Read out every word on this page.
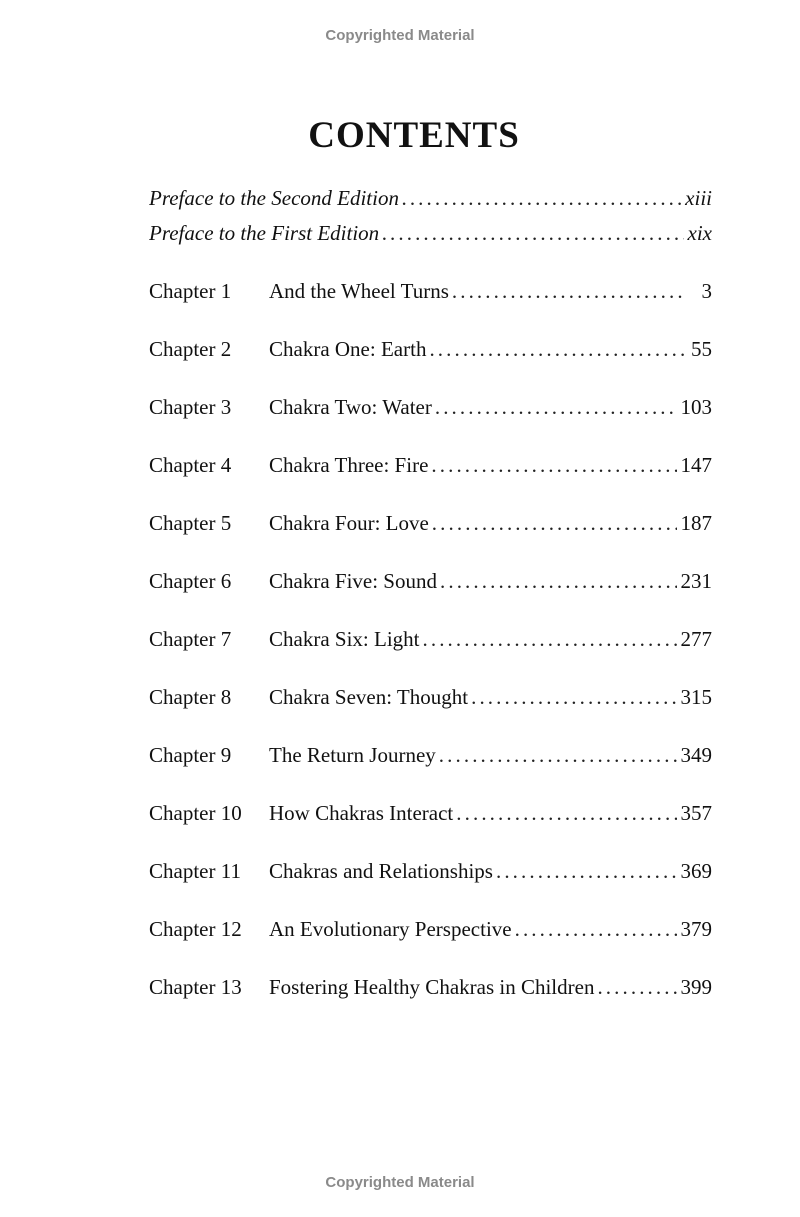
Copyrighted Material
CONTENTS
Preface to the Second Edition .....	xiii
Preface to the First Edition .....	xix
Chapter 1	And the Wheel Turns .....	3
Chapter 2	Chakra One: Earth .....	55
Chapter 3	Chakra Two: Water .....	103
Chapter 4	Chakra Three: Fire .....	147
Chapter 5	Chakra Four: Love .....	187
Chapter 6	Chakra Five: Sound .....	231
Chapter 7	Chakra Six: Light .....	277
Chapter 8	Chakra Seven: Thought .....	315
Chapter 9	The Return Journey .....	349
Chapter 10	How Chakras Interact .....	357
Chapter 11	Chakras and Relationships .....	369
Chapter 12	An Evolutionary Perspective .....	379
Chapter 13	Fostering Healthy Chakras in Children .....	399
Copyrighted Material
